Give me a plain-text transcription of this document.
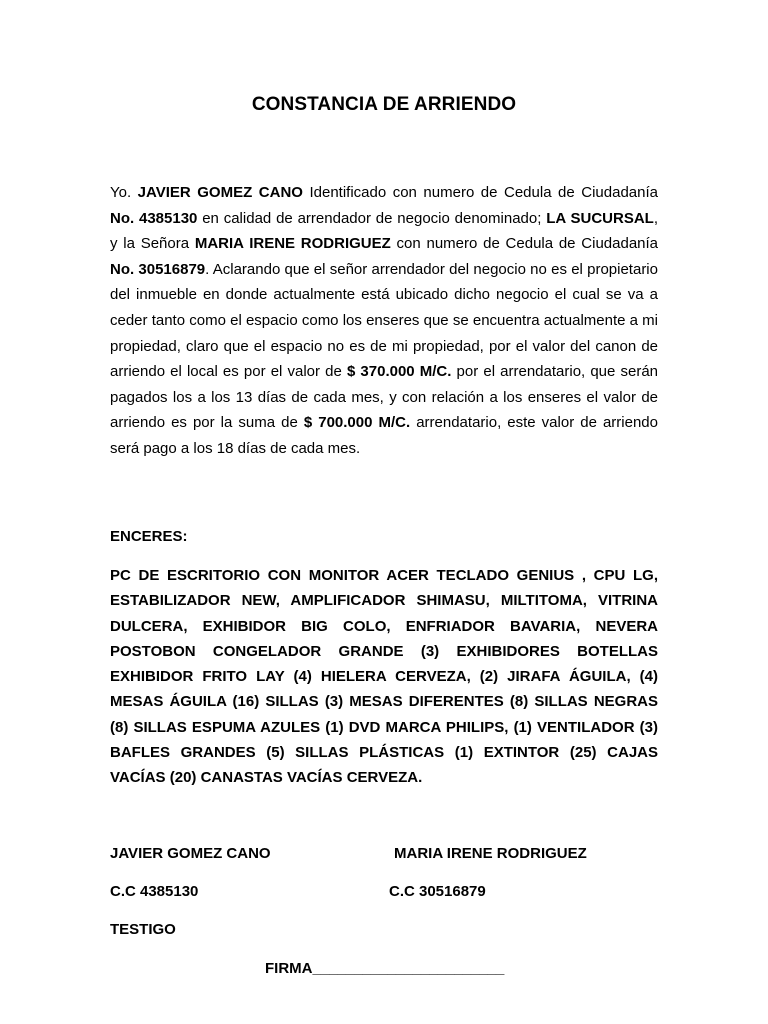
CONSTANCIA DE ARRIENDO

Yo. JAVIER GOMEZ CANO Identificado con numero de Cedula de Ciudadanía No. 4385130 en calidad de arrendador de negocio denominado; LA SUCURSAL, y la Señora MARIA IRENE RODRIGUEZ con numero de Cedula de Ciudadanía No. 30516879. Aclarando que el señor arrendador del negocio no es el propietario del inmueble en donde actualmente está ubicado dicho negocio el cual se va a ceder tanto como el espacio como los enseres que se encuentra actualmente a mi propiedad, claro que el espacio no es de mi propiedad, por el valor del canon de arriendo el local es por el valor de $ 370.000 M/C. por el arrendatario, que serán pagados los a los 13 días de cada mes, y con relación a los enseres el valor de arriendo es por la suma de $ 700.000 M/C. arrendatario, este valor de arriendo será pago a los 18 días de cada mes.

ENCERES:

PC DE ESCRITORIO CON MONITOR ACER TECLADO GENIUS , CPU LG, ESTABILIZADOR NEW, AMPLIFICADOR SHIMASU, MILTITOMA, VITRINA DULCERA, EXHIBIDOR BIG COLO, ENFRIADOR BAVARIA, NEVERA POSTOBON CONGELADOR GRANDE (3) EXHIBIDORES BOTELLAS EXHIBIDOR FRITO LAY (4) HIELERA CERVEZA, (2) JIRAFA ÁGUILA, (4) MESAS ÁGUILA (16) SILLAS (3) MESAS DIFERENTES (8) SILLAS NEGRAS (8) SILLAS ESPUMA AZULES (1) DVD MARCA PHILIPS, (1) VENTILADOR (3) BAFLES GRANDES (5) SILLAS PLÁSTICAS (1) EXTINTOR (25) CAJAS VACÍAS (20) CANASTAS VACÍAS CERVEZA.

JAVIER GOMEZ CANO	MARIA IRENE RODRIGUEZ
C.C 4385130	C.C 30516879
TESTIGO
FIRMA_______________________
